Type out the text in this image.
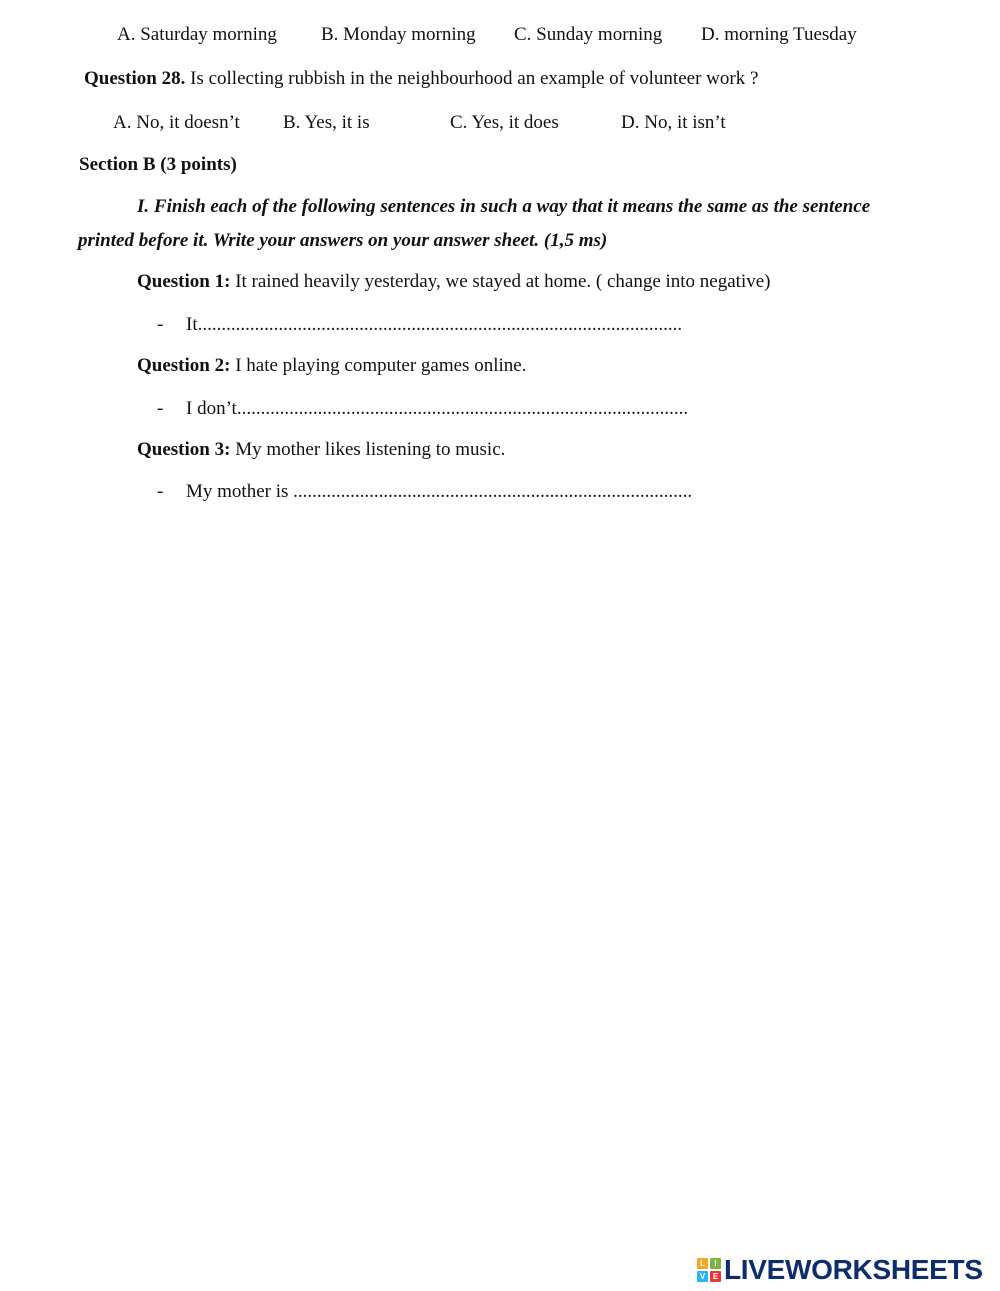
A. Saturday morning B. Monday morning C. Sunday morning D. morning Tuesday
Question 28. Is collecting rubbish in the neighbourhood an example of volunteer work ?
A. No, it doesn’t B. Yes, it is	C. Yes, it does	D. No, it isn’t
Section B (3 points)
I. Finish each of the following sentences in such a way that it means the same as the sentence
printed before it. Write your answers on your answer sheet. (1,5 ms)
Question 1: It rained heavily yesterday, we stayed at home. ( change into negative)
- It......................................................................................................
Question 2: I hate playing computer games online.
- I don’t...............................................................................................
Question 3: My mother likes listening to music.
- My mother is ....................................................................................
L	I
V E LIVEWORKSHEETS
